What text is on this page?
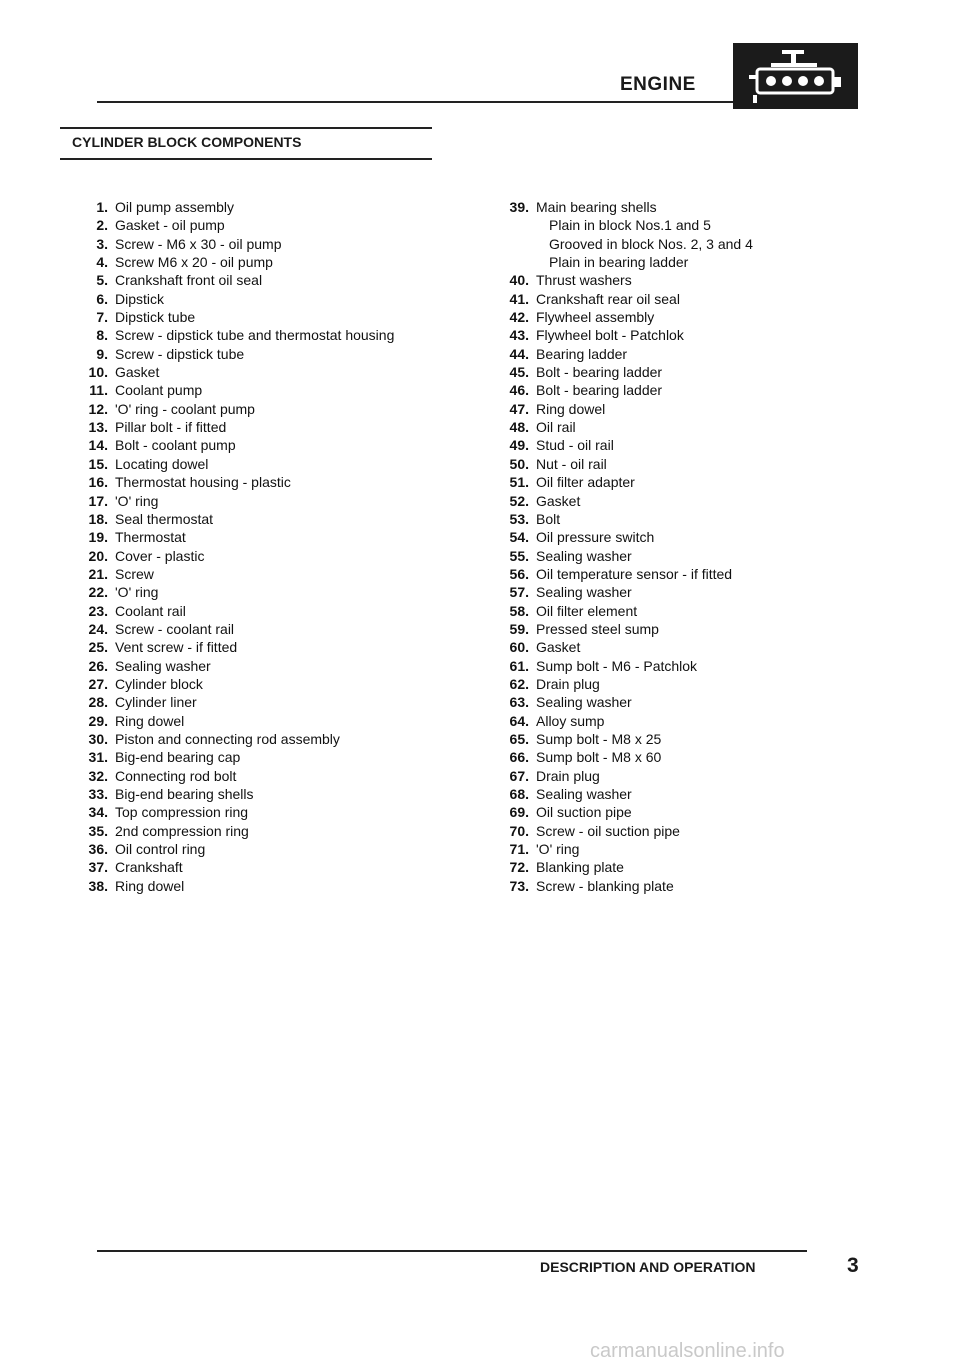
ENGINE
CYLINDER BLOCK COMPONENTS
1. Oil pump assembly
2. Gasket - oil pump
3. Screw - M6 x 30 - oil pump
4. Screw M6 x 20 - oil pump
5. Crankshaft front oil seal
6. Dipstick
7. Dipstick tube
8. Screw - dipstick tube and thermostat housing
9. Screw - dipstick tube
10. Gasket
11. Coolant pump
12. 'O' ring - coolant pump
13. Pillar bolt - if fitted
14. Bolt - coolant pump
15. Locating dowel
16. Thermostat housing - plastic
17. 'O' ring
18. Seal thermostat
19. Thermostat
20. Cover - plastic
21. Screw
22. 'O' ring
23. Coolant rail
24. Screw - coolant rail
25. Vent screw - if fitted
26. Sealing washer
27. Cylinder block
28. Cylinder liner
29. Ring dowel
30. Piston and connecting rod assembly
31. Big-end bearing cap
32. Connecting rod bolt
33. Big-end bearing shells
34. Top compression ring
35. 2nd compression ring
36. Oil control ring
37. Crankshaft
38. Ring dowel
39. Main bearing shells
Plain in block Nos.1 and 5
Grooved in block Nos. 2, 3 and 4
Plain in bearing ladder
40. Thrust washers
41. Crankshaft rear oil seal
42. Flywheel assembly
43. Flywheel bolt - Patchlok
44. Bearing ladder
45. Bolt - bearing ladder
46. Bolt - bearing ladder
47. Ring dowel
48. Oil rail
49. Stud - oil rail
50. Nut - oil rail
51. Oil filter adapter
52. Gasket
53. Bolt
54. Oil pressure switch
55. Sealing washer
56. Oil temperature sensor - if fitted
57. Sealing washer
58. Oil filter element
59. Pressed steel sump
60. Gasket
61. Sump bolt - M6 - Patchlok
62. Drain plug
63. Sealing washer
64. Alloy sump
65. Sump bolt - M8 x 25
66. Sump bolt - M8 x 60
67. Drain plug
68. Sealing washer
69. Oil suction pipe
70. Screw - oil suction pipe
71. 'O' ring
72. Blanking plate
73. Screw - blanking plate
DESCRIPTION AND OPERATION	3
carmanualsonline.info
